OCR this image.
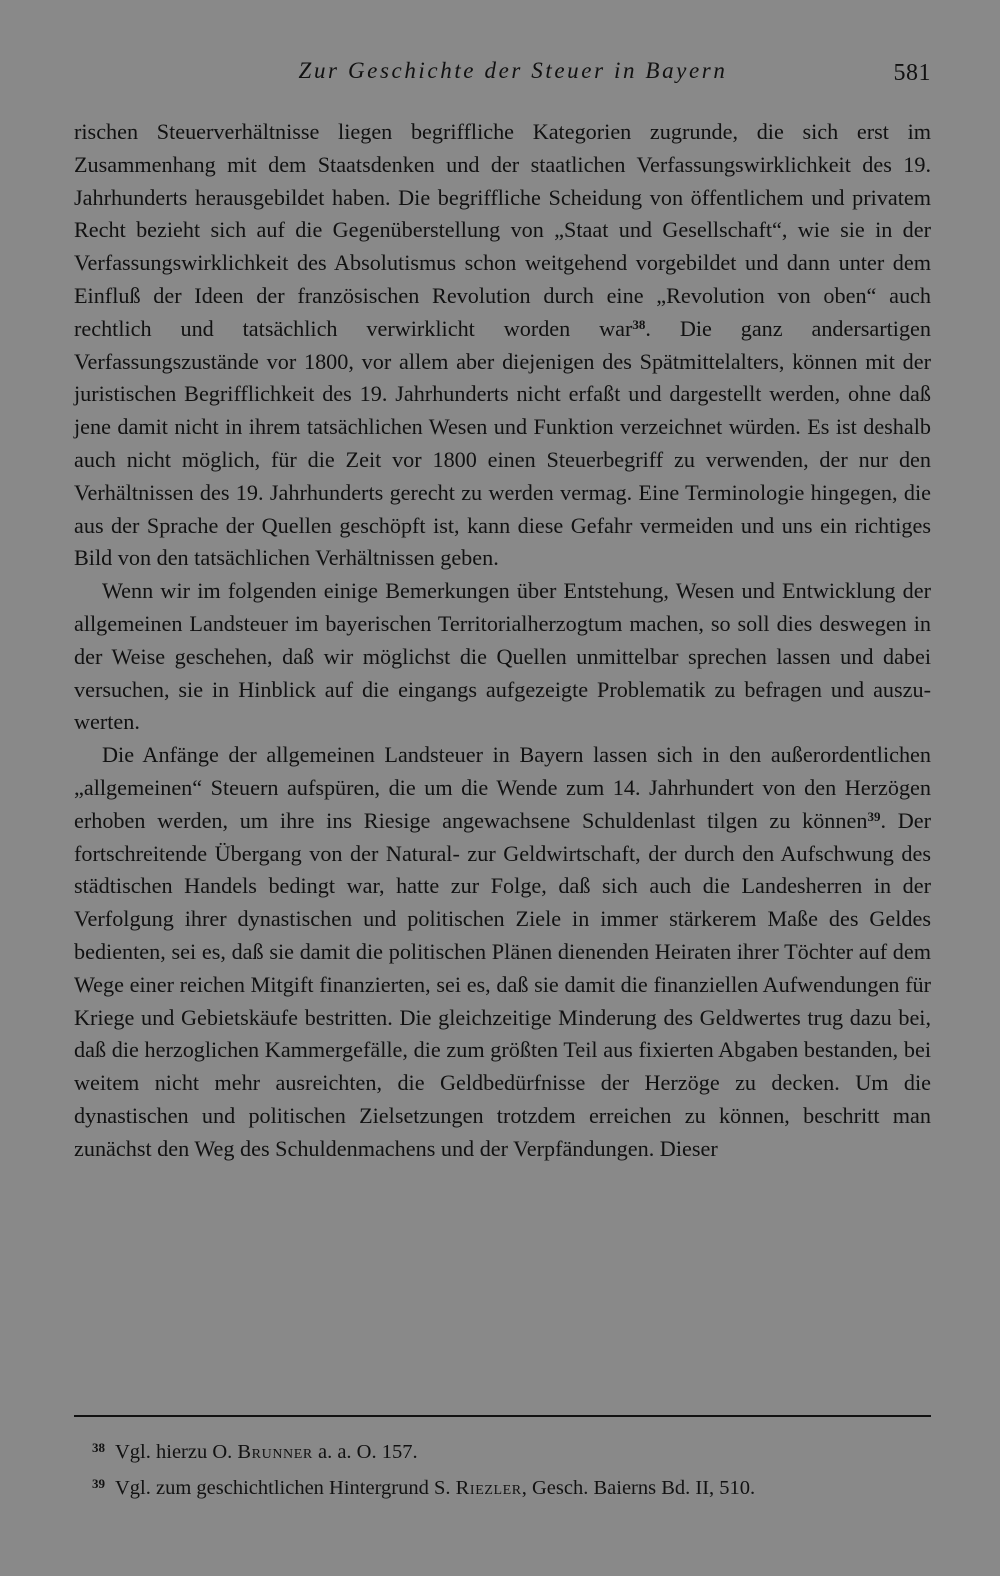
Zur Geschichte der Steuer in Bayern	581

rischen Steuerverhältnisse liegen begriffliche Kategorien zugrunde, die sich erst im Zusammenhang mit dem Staatsdenken und der staatlichen Verfassungswirklichkeit des 19. Jahrhunderts herausgebildet haben. Die begriffliche Scheidung von öffentlichem und privatem Recht bezieht sich auf die Gegenüberstellung von „Staat und Gesellschaft“, wie sie in der Verfassungswirklichkeit des Absolutismus schon weitgehend vorgebildet und dann unter dem Einfluß der Ideen der französischen Revolution durch eine „Revolution von oben“ auch rechtlich und tatsächlich verwirklicht worden war$^{38}$. Die ganz andersartigen Verfassungszustände vor 1800, vor allem aber diejenigen des Spätmittelalters, können mit der juristischen Begrifflichkeit des 19. Jahrhunderts nicht erfaßt und dargestellt werden, ohne daß jene damit nicht in ihrem tatsächlichen Wesen und Funktion verzeichnet würden. Es ist deshalb auch nicht möglich, für die Zeit vor 1800 einen Steuerbegriff zu verwenden, der nur den Verhältnissen des 19. Jahrhunderts gerecht zu werden vermag. Eine Terminologie hingegen, die aus der Sprache der Quellen geschöpft ist, kann diese Gefahr vermeiden und uns ein richtiges Bild von den tatsächlichen Verhältnissen geben.

Wenn wir im folgenden einige Bemerkungen über Entstehung, Wesen und Entwicklung der allgemeinen Landsteuer im bayerischen Territorialherzogtum machen, so soll dies deswegen in der Weise geschehen, daß wir möglichst die Quellen unmittelbar sprechen lassen und dabei versuchen, sie in Hinblick auf die eingangs aufgezeigte Problematik zu befragen und auszuwerten.

Die Anfänge der allgemeinen Landsteuer in Bayern lassen sich in den außerordentlichen „allgemeinen“ Steuern aufspüren, die um die Wende zum 14. Jahrhundert von den Herzögen erhoben werden, um ihre ins Riesige angewachsene Schuldenlast tilgen zu können$^{39}$. Der fortschreitende Übergang von der Natural- zur Geldwirtschaft, der durch den Aufschwung des städtischen Handels bedingt war, hatte zur Folge, daß sich auch die Landesherren in der Verfolgung ihrer dynastischen und politischen Ziele in immer stärkerem Maße des Geldes bedienten, sei es, daß sie damit die politischen Plänen dienenden Heiraten ihrer Töchter auf dem Wege einer reichen Mitgift finanzierten, sei es, daß sie damit die finanziellen Aufwendungen für Kriege und Gebietskäufe bestritten. Die gleichzeitige Minderung des Geldwertes trug dazu bei, daß die herzoglichen Kammergefälle, die zum größten Teil aus fixierten Abgaben bestanden, bei weitem nicht mehr ausreichten, die Geldbedürfnisse der Herzöge zu decken. Um die dynastischen und politischen Zielsetzungen trotzdem erreichen zu können, beschritt man zunächst den Weg des Schuldenmachens und der Verpfändungen. Dieser

$^{38}$ Vgl. hierzu O. Brunner a. a. O. 157.
$^{39}$ Vgl. zum geschichtlichen Hintergrund S. Riezler, Gesch. Baierns Bd. II, 510.
